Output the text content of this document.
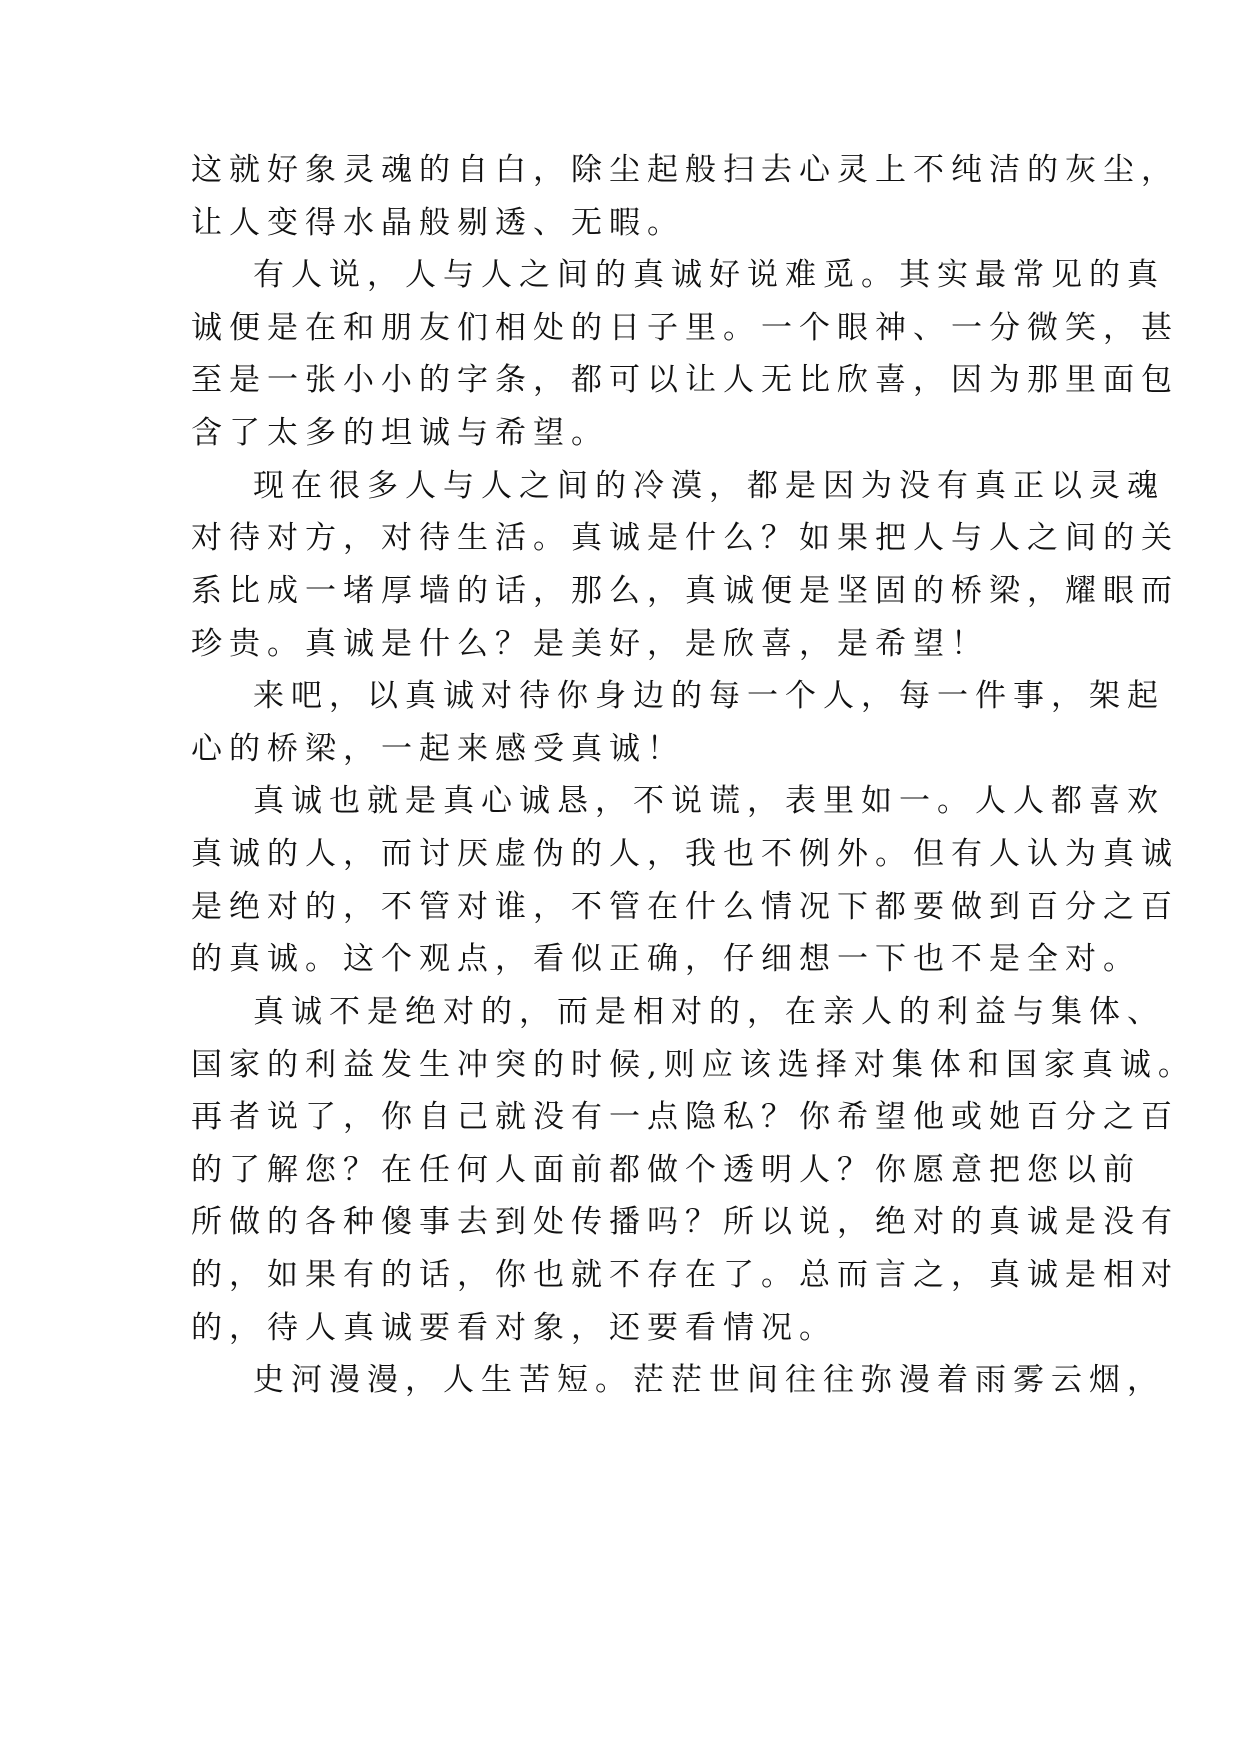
这就好象灵魂的自白，除尘起般扫去心灵上不纯洁的灰尘，
让人变得水晶般剔透、无暇。
有人说，人与人之间的真诚好说难觅。其实最常见的真
诚便是在和朋友们相处的日子里。一个眼神、一分微笑，甚
至是一张小小的字条，都可以让人无比欣喜，因为那里面包
含了太多的坦诚与希望。
现在很多人与人之间的冷漠，都是因为没有真正以灵魂
对待对方，对待生活。真诚是什么？如果把人与人之间的关
系比成一堵厚墙的话，那么，真诚便是坚固的桥梁，耀眼而
珍贵。真诚是什么？是美好，是欣喜，是希望！
来吧，以真诚对待你身边的每一个人，每一件事，架起
心的桥梁，一起来感受真诚！
真诚也就是真心诚恳，不说谎，表里如一。人人都喜欢
真诚的人，而讨厌虚伪的人，我也不例外。但有人认为真诚
是绝对的，不管对谁，不管在什么情况下都要做到百分之百
的真诚。这个观点，看似正确，仔细想一下也不是全对。
真诚不是绝对的，而是相对的，在亲人的利益与集体、
国家的利益发生冲突的时候,则应该选择对集体和国家真诚。
再者说了，你自己就没有一点隐私？你希望他或她百分之百
的了解您？在任何人面前都做个透明人？你愿意把您以前
所做的各种傻事去到处传播吗？所以说，绝对的真诚是没有
的，如果有的话，你也就不存在了。总而言之，真诚是相对
的，待人真诚要看对象，还要看情况。
史河漫漫，人生苦短。茫茫世间往往弥漫着雨雾云烟，
